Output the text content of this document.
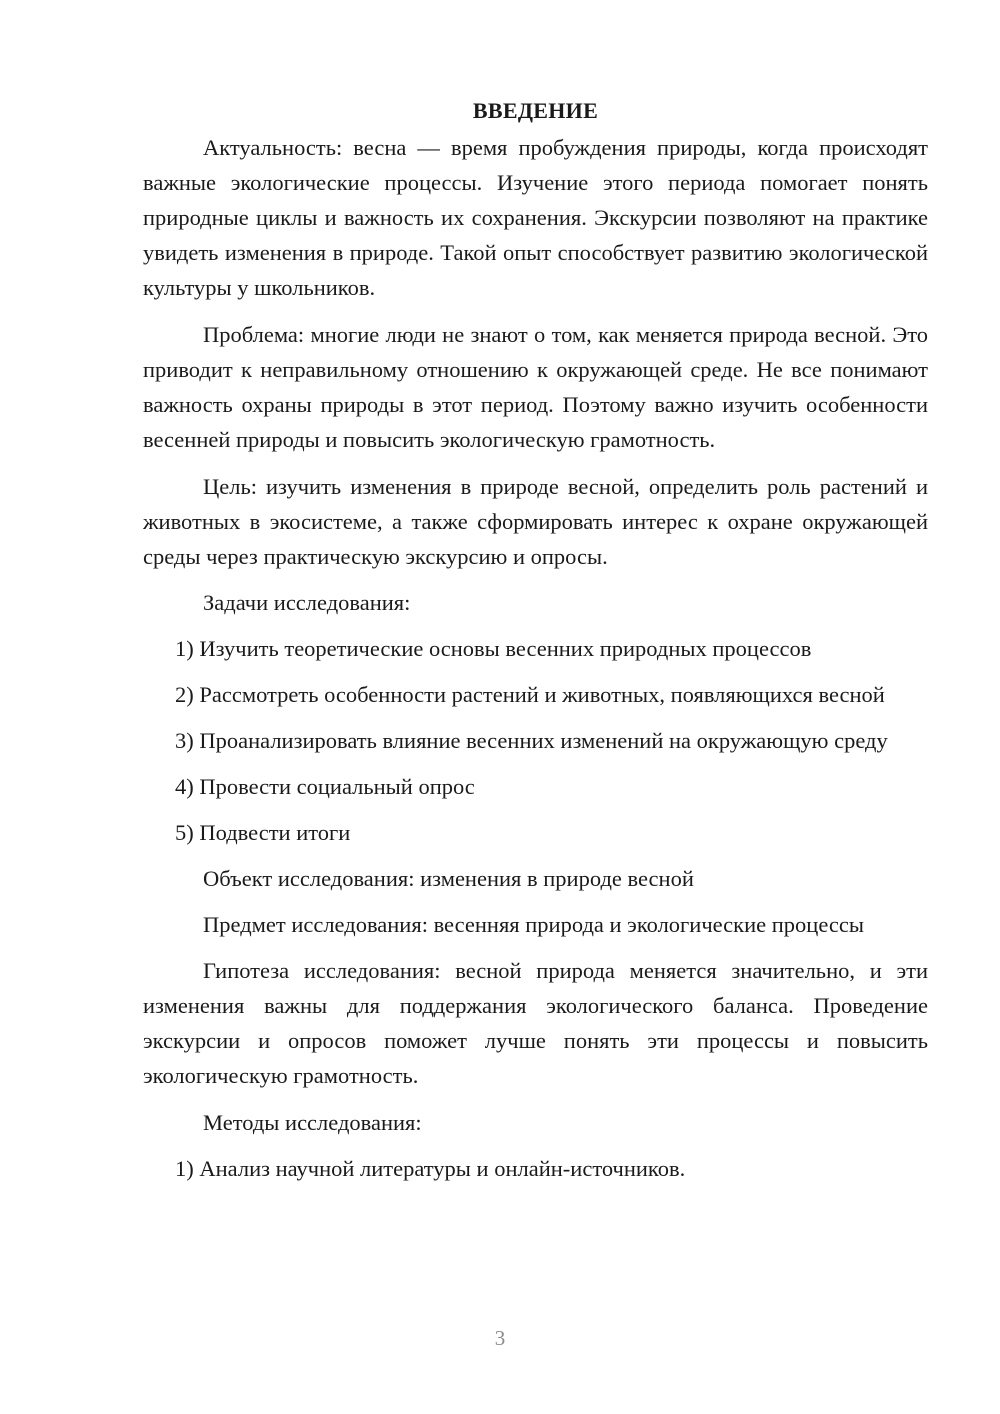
ВВЕДЕНИЕ

Актуальность: весна — время пробуждения природы, когда происходят важные экологические процессы. Изучение этого периода помогает понять природные циклы и важность их сохранения. Экскурсии позволяют на практике увидеть изменения в природе. Такой опыт способствует развитию экологической культуры у школьников.

Проблема: многие люди не знают о том, как меняется природа весной. Это приводит к неправильному отношению к окружающей среде. Не все понимают важность охраны природы в этот период. Поэтому важно изучить особенности весенней природы и повысить экологическую грамотность.

Цель: изучить изменения в природе весной, определить роль растений и животных в экосистеме, а также сформировать интерес к охране окружающей среды через практическую экскурсию и опросы.

Задачи исследования:

1) Изучить теоретические основы весенних природных процессов

2) Рассмотреть особенности растений и животных, появляющихся весной

3) Проанализировать влияние весенних изменений на окружающую среду

4) Провести социальный опрос

5) Подвести итоги

Объект исследования: изменения в природе весной

Предмет исследования: весенняя природа и экологические процессы

Гипотеза исследования: весной природа меняется значительно, и эти изменения важны для поддержания экологического баланса. Проведение экскурсии и опросов поможет лучше понять эти процессы и повысить экологическую грамотность.

Методы исследования:

1) Анализ научной литературы и онлайн-источников.

3
